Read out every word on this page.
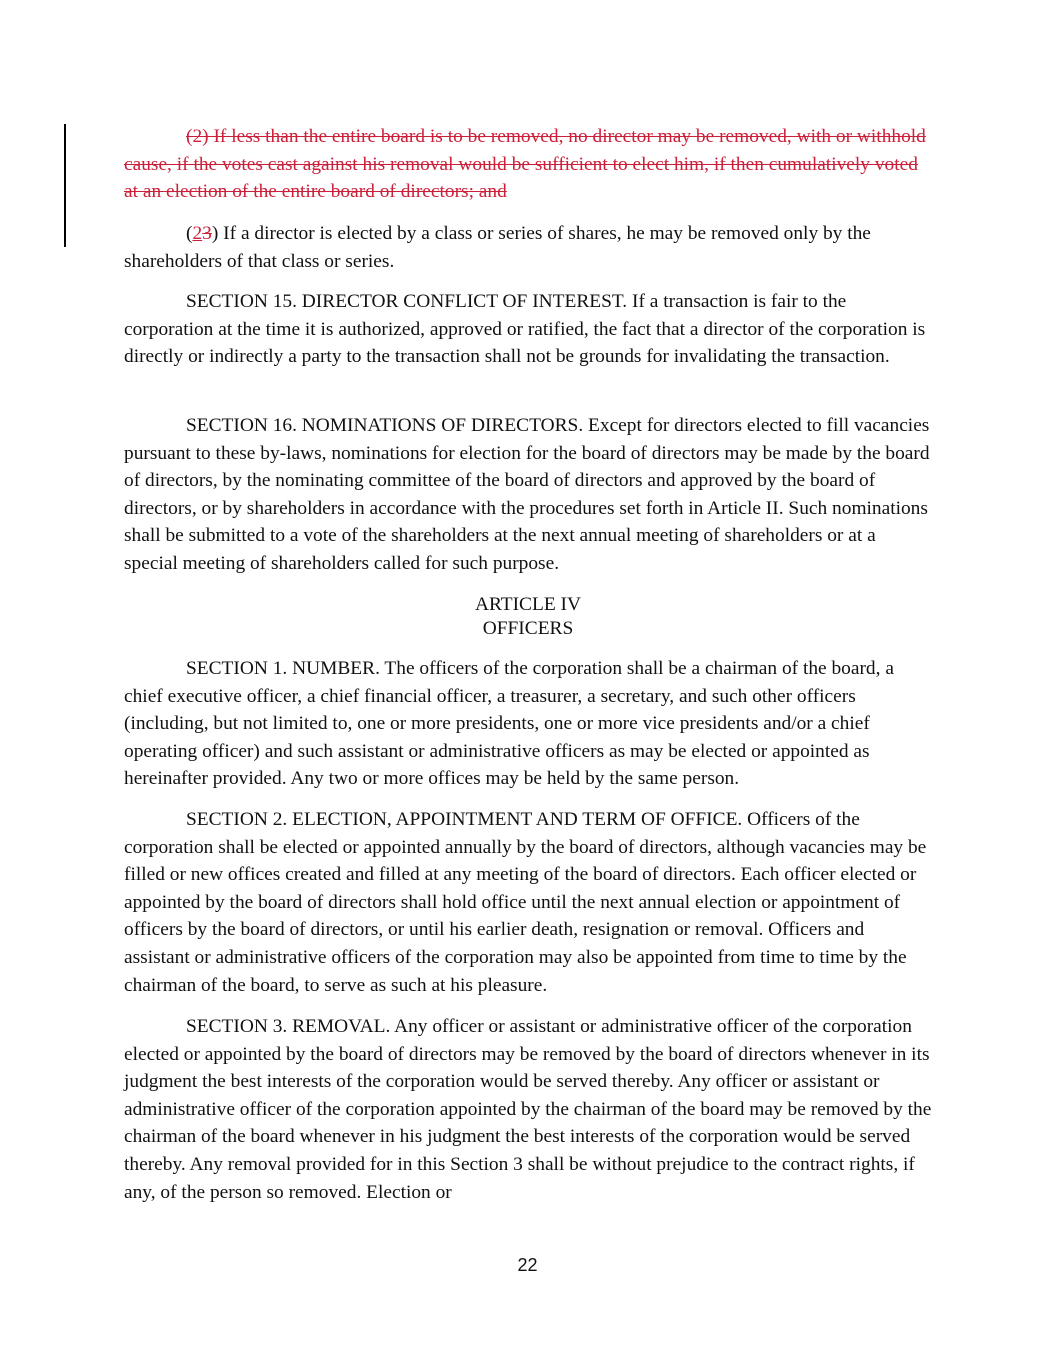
(2) If less than the entire board is to be removed, no director may be removed, with or withhold cause, if the votes cast against his removal would be sufficient to elect him, if then cumulatively voted at an election of the entire board of directors; and

(23) If a director is elected by a class or series of shares, he may be removed only by the shareholders of that class or series.

SECTION 15. DIRECTOR CONFLICT OF INTEREST. If a transaction is fair to the corporation at the time it is authorized, approved or ratified, the fact that a director of the corporation is directly or indirectly a party to the transaction shall not be grounds for invalidating the transaction.

SECTION 16. NOMINATIONS OF DIRECTORS. Except for directors elected to fill vacancies pursuant to these by-laws, nominations for election for the board of directors may be made by the board of directors, by the nominating committee of the board of directors and approved by the board of directors, or by shareholders in accordance with the procedures set forth in Article II. Such nominations shall be submitted to a vote of the shareholders at the next annual meeting of shareholders or at a special meeting of shareholders called for such purpose.

ARTICLE IV
OFFICERS

SECTION 1. NUMBER. The officers of the corporation shall be a chairman of the board, a chief executive officer, a chief financial officer, a treasurer, a secretary, and such other officers (including, but not limited to, one or more presidents, one or more vice presidents and/or a chief operating officer) and such assistant or administrative officers as may be elected or appointed as hereinafter provided. Any two or more offices may be held by the same person.

SECTION 2. ELECTION, APPOINTMENT AND TERM OF OFFICE. Officers of the corporation shall be elected or appointed annually by the board of directors, although vacancies may be filled or new offices created and filled at any meeting of the board of directors. Each officer elected or appointed by the board of directors shall hold office until the next annual election or appointment of officers by the board of directors, or until his earlier death, resignation or removal. Officers and assistant or administrative officers of the corporation may also be appointed from time to time by the chairman of the board, to serve as such at his pleasure.

SECTION 3. REMOVAL. Any officer or assistant or administrative officer of the corporation elected or appointed by the board of directors may be removed by the board of directors whenever in its judgment the best interests of the corporation would be served thereby. Any officer or assistant or administrative officer of the corporation appointed by the chairman of the board may be removed by the chairman of the board whenever in his judgment the best interests of the corporation would be served thereby. Any removal provided for in this Section 3 shall be without prejudice to the contract rights, if any, of the person so removed. Election or

22
